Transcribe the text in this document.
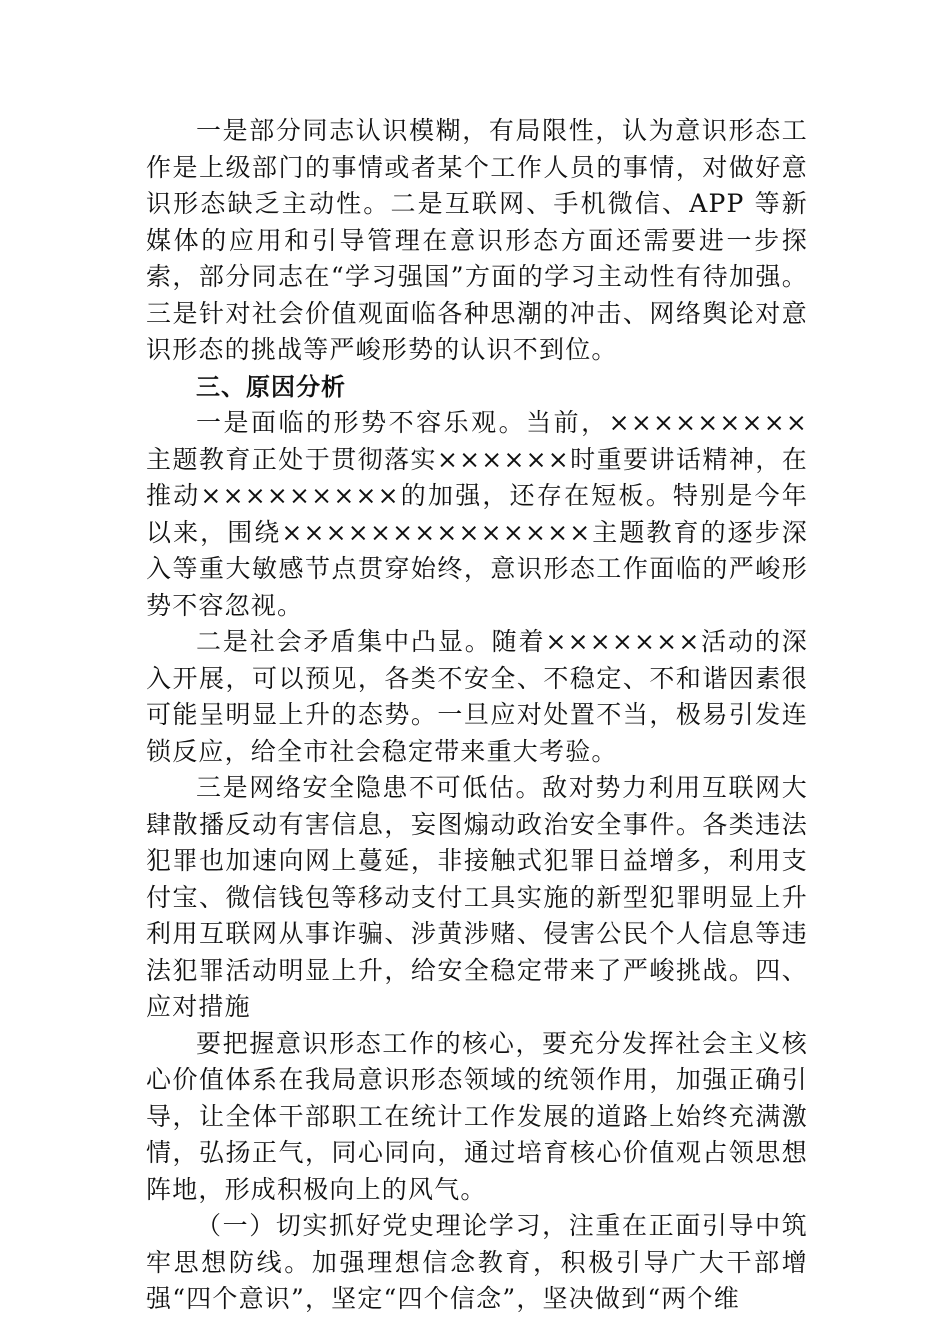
一是部分同志认识模糊，有局限性，认为意识形态工作是上级部门的事情或者某个工作人员的事情，对做好意识形态缺乏主动性。二是互联网、手机微信、APP 等新媒体的应用和引导管理在意识形态方面还需要进一步探索，部分同志在“学习强国”方面的学习主动性有待加强。三是针对社会价值观面临各种思潮的冲击、网络舆论对意识形态的挑战等严峻形势的认识不到位。

三、原因分析

一是面临的形势不容乐观。当前，×××××××××主题教育正处于贯彻落实××××××时重要讲话精神，在推动×××××××××的加强，还存在短板。特别是今年以来，围绕××××××××××××××主题教育的逐步深入等重大敏感节点贯穿始终，意识形态工作面临的严峻形势不容忽视。

二是社会矛盾集中凸显。随着×××××××活动的深入开展，可以预见，各类不安全、不稳定、不和谐因素很可能呈明显上升的态势。一旦应对处置不当，极易引发连锁反应，给全市社会稳定带来重大考验。

三是网络安全隐患不可低估。敌对势力利用互联网大肆散播反动有害信息，妄图煽动政治安全事件。各类违法犯罪也加速向网上蔓延，非接触式犯罪日益增多，利用支付宝、微信钱包等移动支付工具实施的新型犯罪明显上升利用互联网从事诈骗、涉黄涉赌、侵害公民个人信息等违法犯罪活动明显上升，给安全稳定带来了严峻挑战。四、应对措施

要把握意识形态工作的核心，要充分发挥社会主义核心价值体系在我局意识形态领域的统领作用，加强正确引导，让全体干部职工在统计工作发展的道路上始终充满激情，弘扬正气，同心同向，通过培育核心价值观占领思想阵地，形成积极向上的风气。

（一）切实抓好党史理论学习，注重在正面引导中筑牢思想防线。加强理想信念教育，积极引导广大干部增强“四个意识”，坚定“四个信念”，坚决做到“两个维
